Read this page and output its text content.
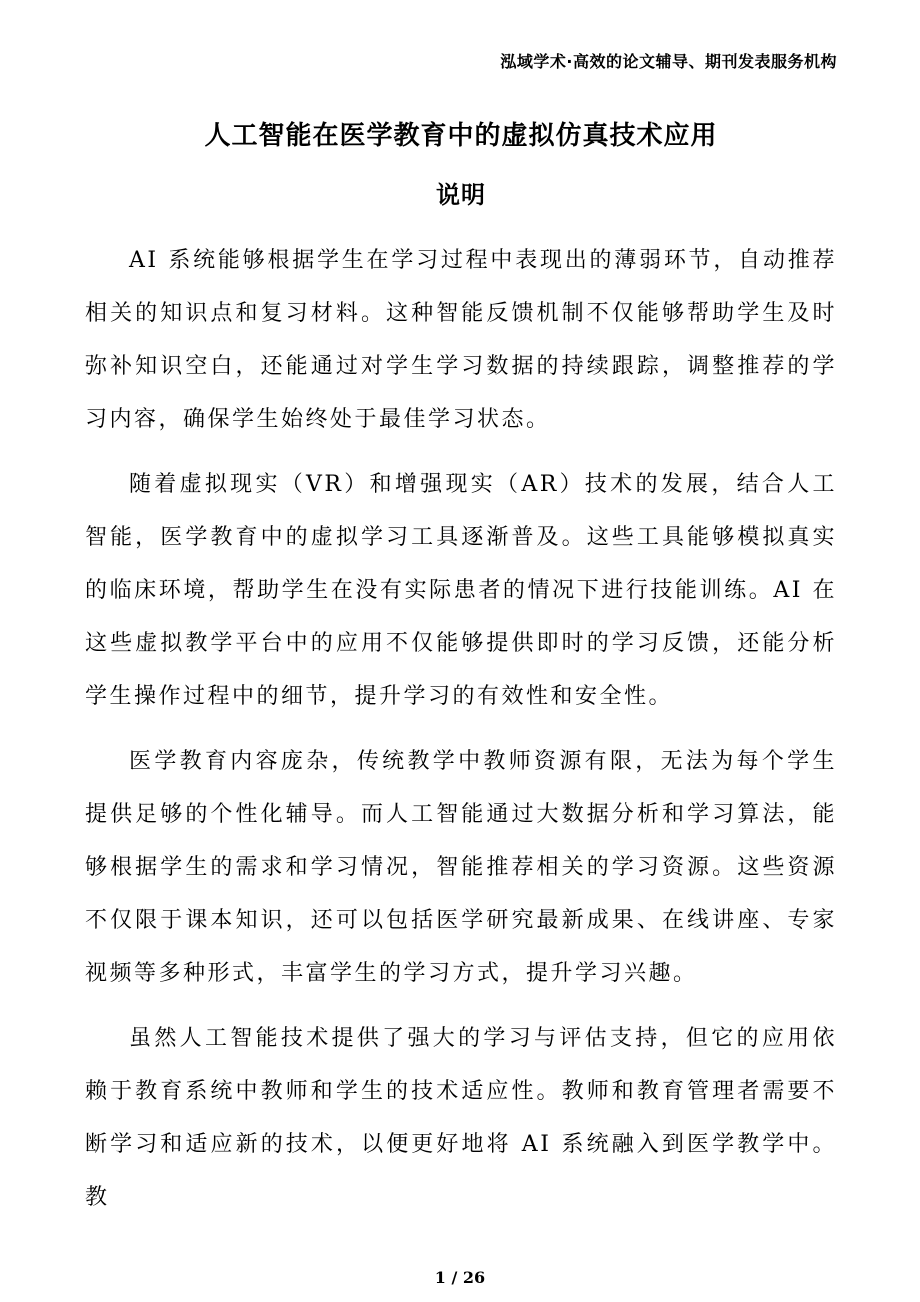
泓域学术·高效的论文辅导、期刊发表服务机构
人工智能在医学教育中的虚拟仿真技术应用
说明

AI 系统能够根据学生在学习过程中表现出的薄弱环节，自动推荐相关的知识点和复习材料。这种智能反馈机制不仅能够帮助学生及时弥补知识空白，还能通过对学生学习数据的持续跟踪，调整推荐的学习内容，确保学生始终处于最佳学习状态。

随着虚拟现实（VR）和增强现实（AR）技术的发展，结合人工智能，医学教育中的虚拟学习工具逐渐普及。这些工具能够模拟真实的临床环境，帮助学生在没有实际患者的情况下进行技能训练。AI 在这些虚拟教学平台中的应用不仅能够提供即时的学习反馈，还能分析学生操作过程中的细节，提升学习的有效性和安全性。

医学教育内容庞杂，传统教学中教师资源有限，无法为每个学生提供足够的个性化辅导。而人工智能通过大数据分析和学习算法，能够根据学生的需求和学习情况，智能推荐相关的学习资源。这些资源不仅限于课本知识，还可以包括医学研究最新成果、在线讲座、专家视频等多种形式，丰富学生的学习方式，提升学习兴趣。

虽然人工智能技术提供了强大的学习与评估支持，但它的应用依赖于教育系统中教师和学生的技术适应性。教师和教育管理者需要不断学习和适应新的技术，以便更好地将 AI 系统融入到医学教学中。教

1 / 26
